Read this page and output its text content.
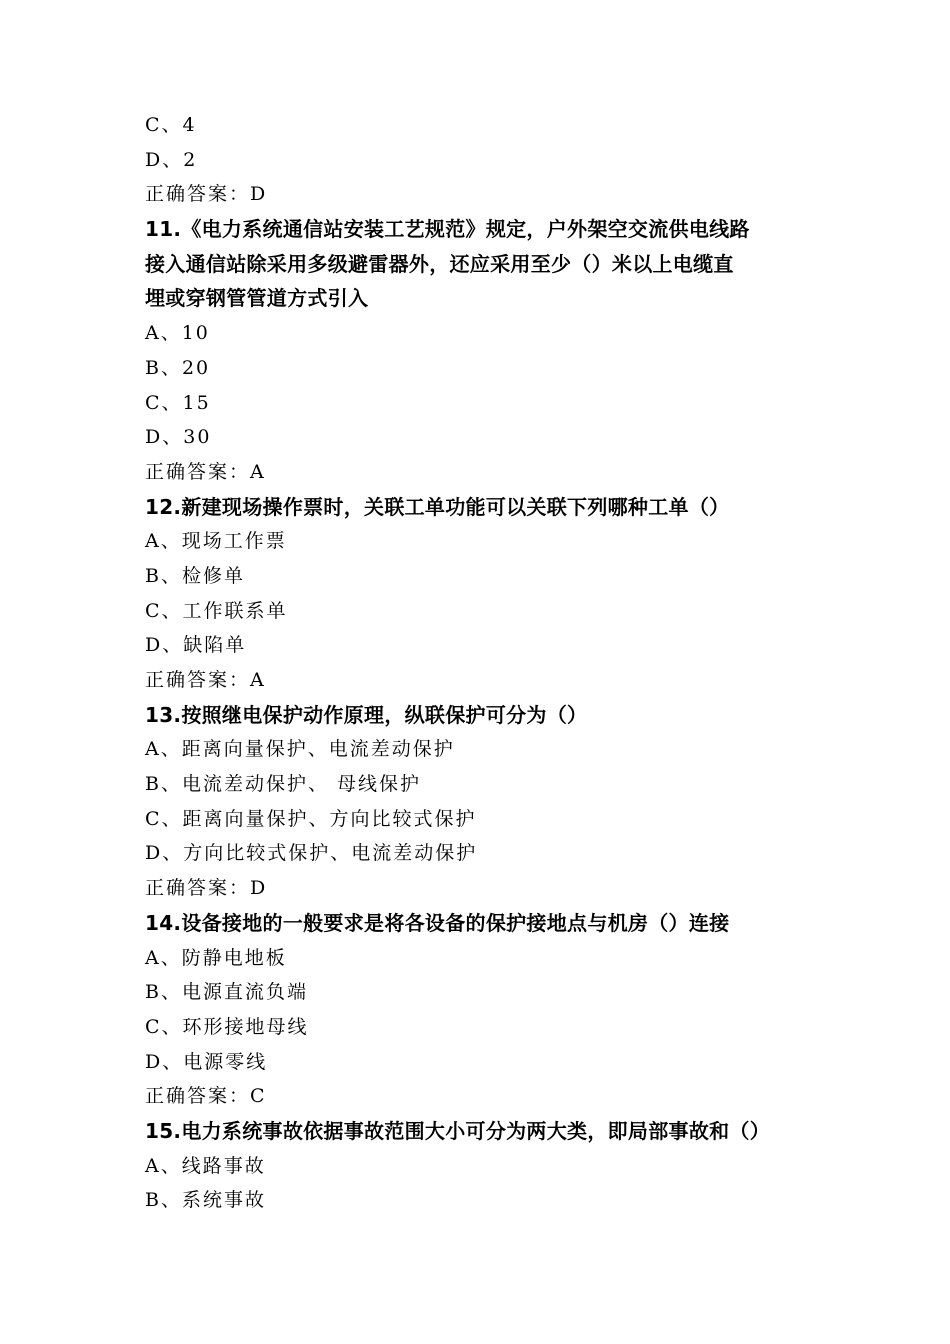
C、4
D、2
正确答案：D
11.《电力系统通信站安装工艺规范》规定，户外架空交流供电线路
接入通信站除采用多级避雷器外，还应采用至少（）米以上电缆直
埋或穿钢管管道方式引入
A、10
B、20
C、15
D、30
正确答案：A
12.新建现场操作票时，关联工单功能可以关联下列哪种工单（）
A、现场工作票
B、检修单
C、工作联系单
D、缺陷单
正确答案：A
13.按照继电保护动作原理，纵联保护可分为（）
A、距离向量保护、电流差动保护
B、电流差动保护、 母线保护
C、距离向量保护、方向比较式保护
D、方向比较式保护、电流差动保护
正确答案：D
14.设备接地的一般要求是将各设备的保护接地点与机房（）连接
A、防静电地板
B、电源直流负端
C、环形接地母线
D、电源零线
正确答案：C
15.电力系统事故依据事故范围大小可分为两大类，即局部事故和（）
A、线路事故
B、系统事故
